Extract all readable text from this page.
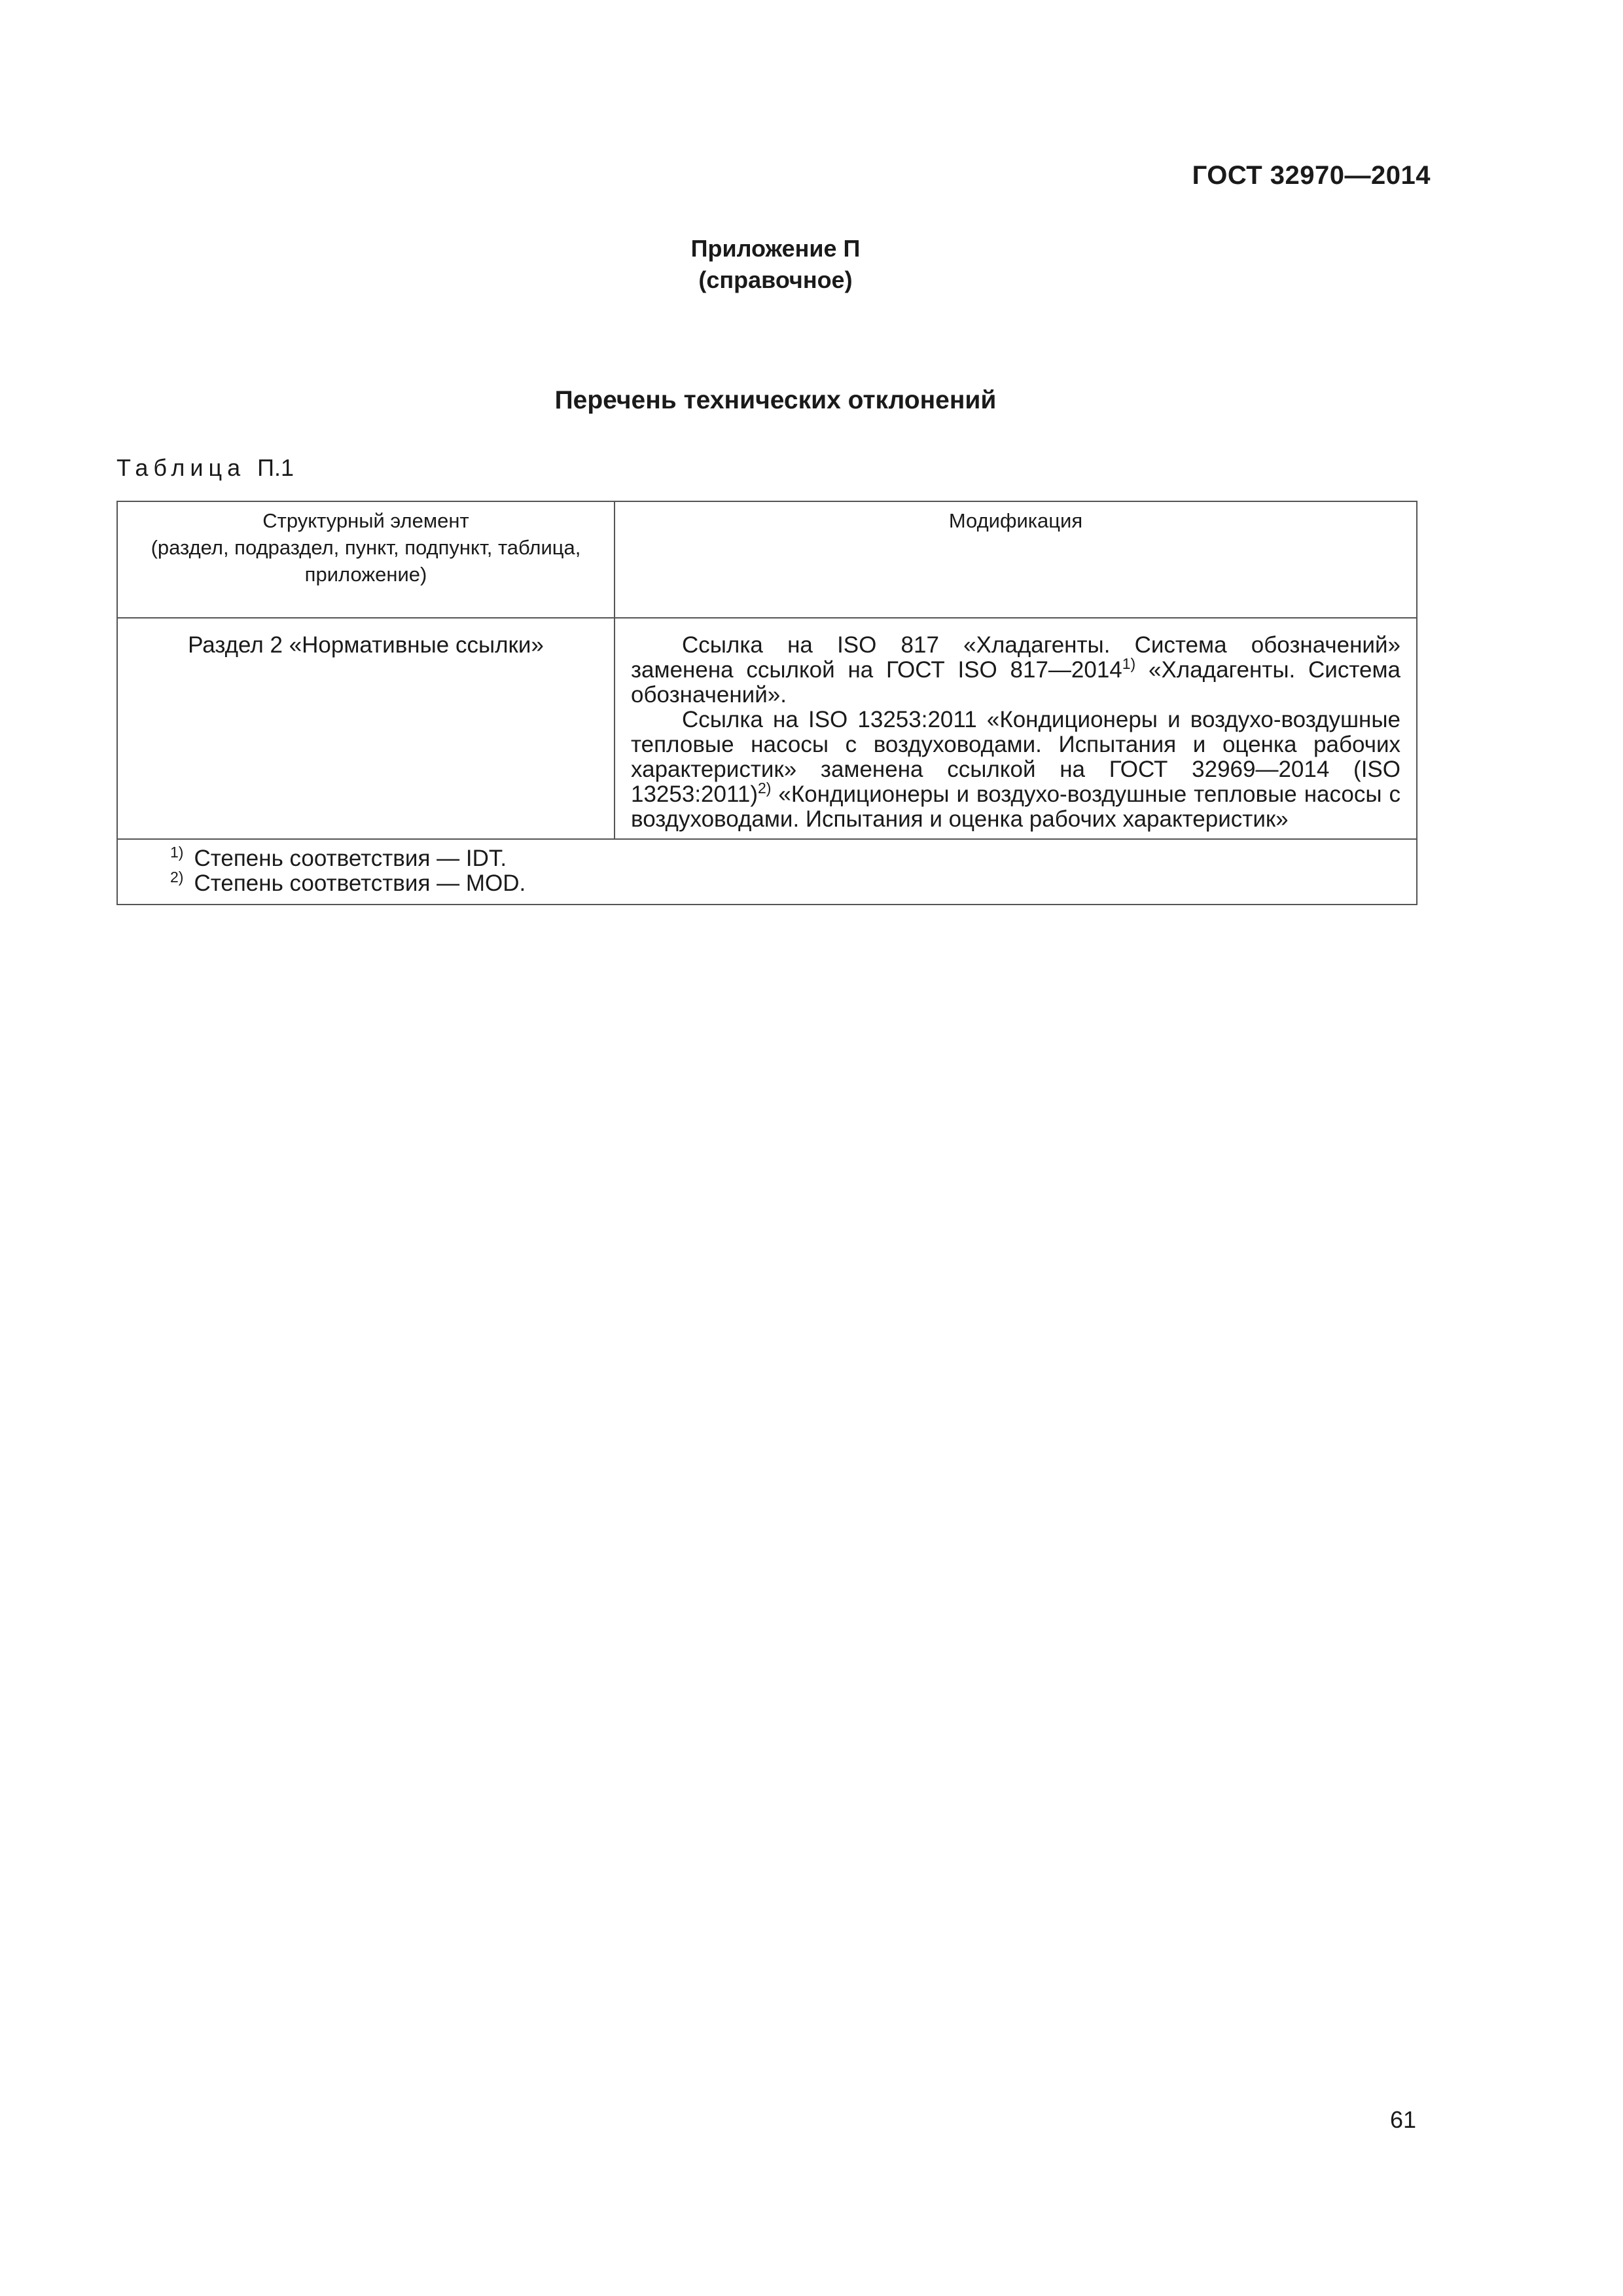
ГОСТ 32970—2014
Приложение П
(справочное)
Перечень технических отклонений
Таблица П.1
Структурный элемент
(раздел, подраздел, пункт, подпункт, таблица,
приложение)	Модификация
Раздел 2 «Нормативные ссылки»	Ссылка на ISO 817 «Хладагенты. Система обозначений» заменена ссылкой на ГОСТ ISO 817—2014$^{1)}$ «Хладагенты. Система обозначений».

Ссылка на ISO 13253:2011 «Кондиционеры и воздухо-воздушные тепловые насосы с воздуховодами. Испытания и оценка рабочих характеристик» заменена ссылкой на ГОСТ 32969—2014 (ISO 13253:2011)$^{2)}$ «Кондиционеры и воздухо-воздушные тепловые насосы с воздуховодами. Испытания и оценка рабочих характеристик»

$^{1)}$ Степень соответствия — IDT.
$^{2)}$ Степень соответствия — MOD.	
61
